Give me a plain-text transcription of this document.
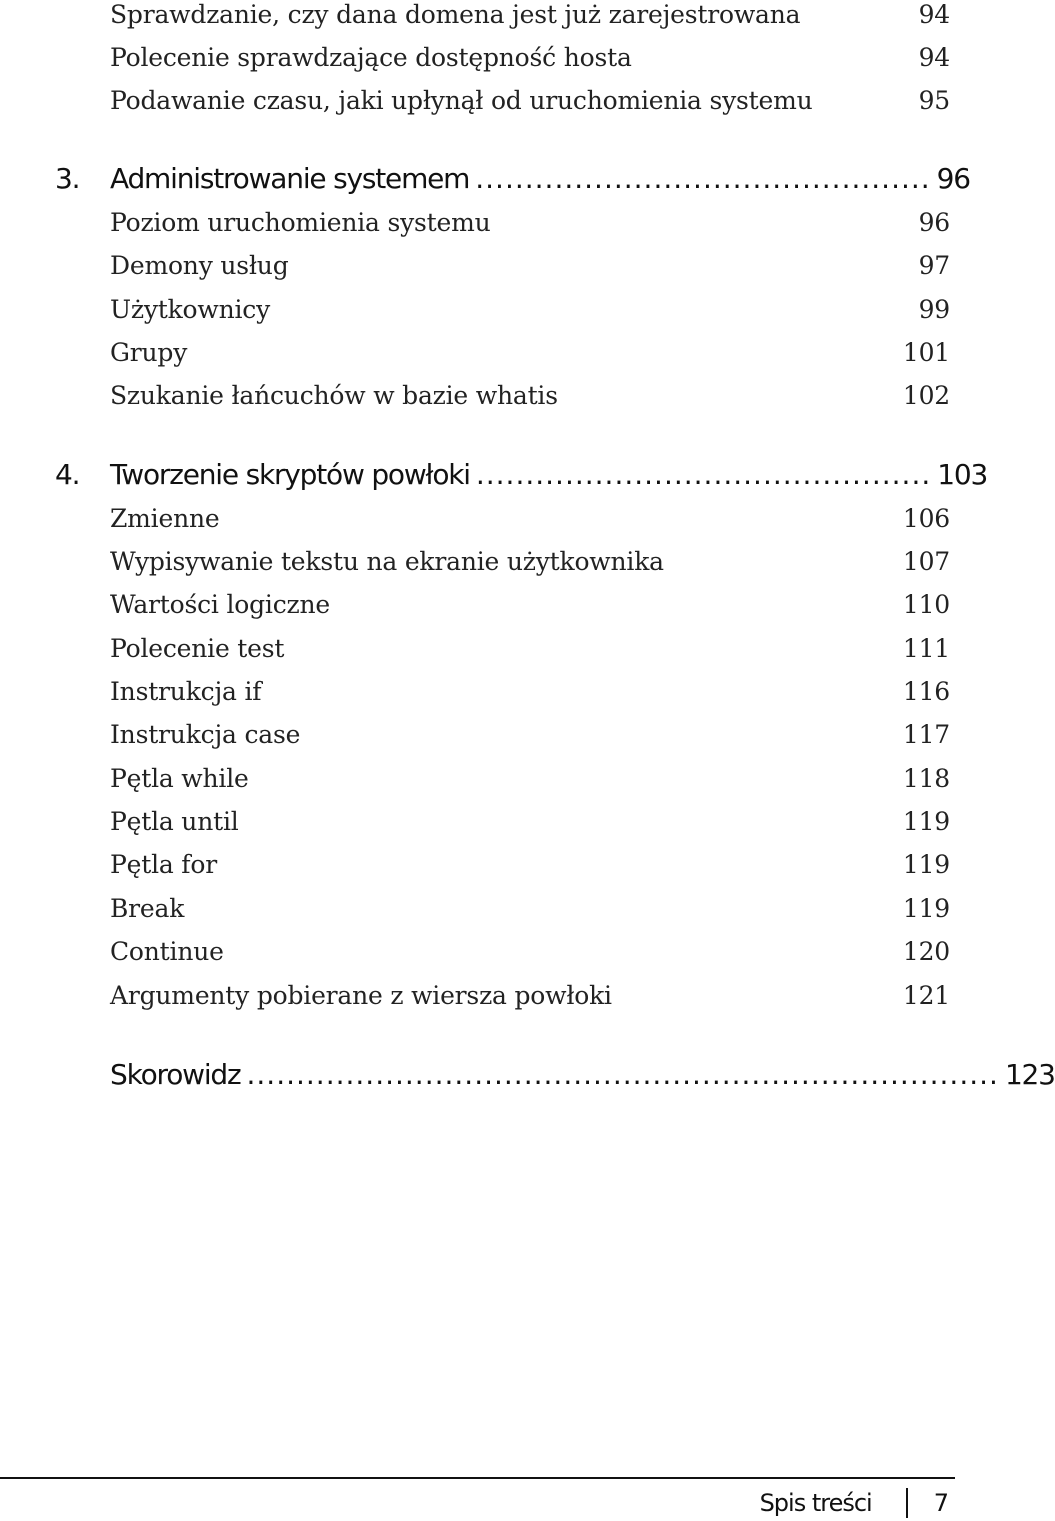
Sprawdzanie, czy dana domena jest już zarejestrowana	94
Polecenie sprawdzające dostępność hosta	94
Podawanie czasu, jaki upłynął od uruchomienia systemu	95
3.	Administrowanie systemem .............................................. 96
Poziom uruchomienia systemu	96
Demony usług	97
Użytkownicy	99
Grupy	101
Szukanie łańcuchów w bazie whatis	102
4.	Tworzenie skryptów powłoki .............................................. 103
Zmienne	106
Wypisywanie tekstu na ekranie użytkownika	107
Wartości logiczne	110
Polecenie test	111
Instrukcja if	116
Instrukcja case	117
Pętla while	118
Pętla until	119
Pętla for	119
Break	119
Continue	120
Argumenty pobierane z wiersza powłoki	121
Skorowidz ............................................................................ 123
Spis treści	7
